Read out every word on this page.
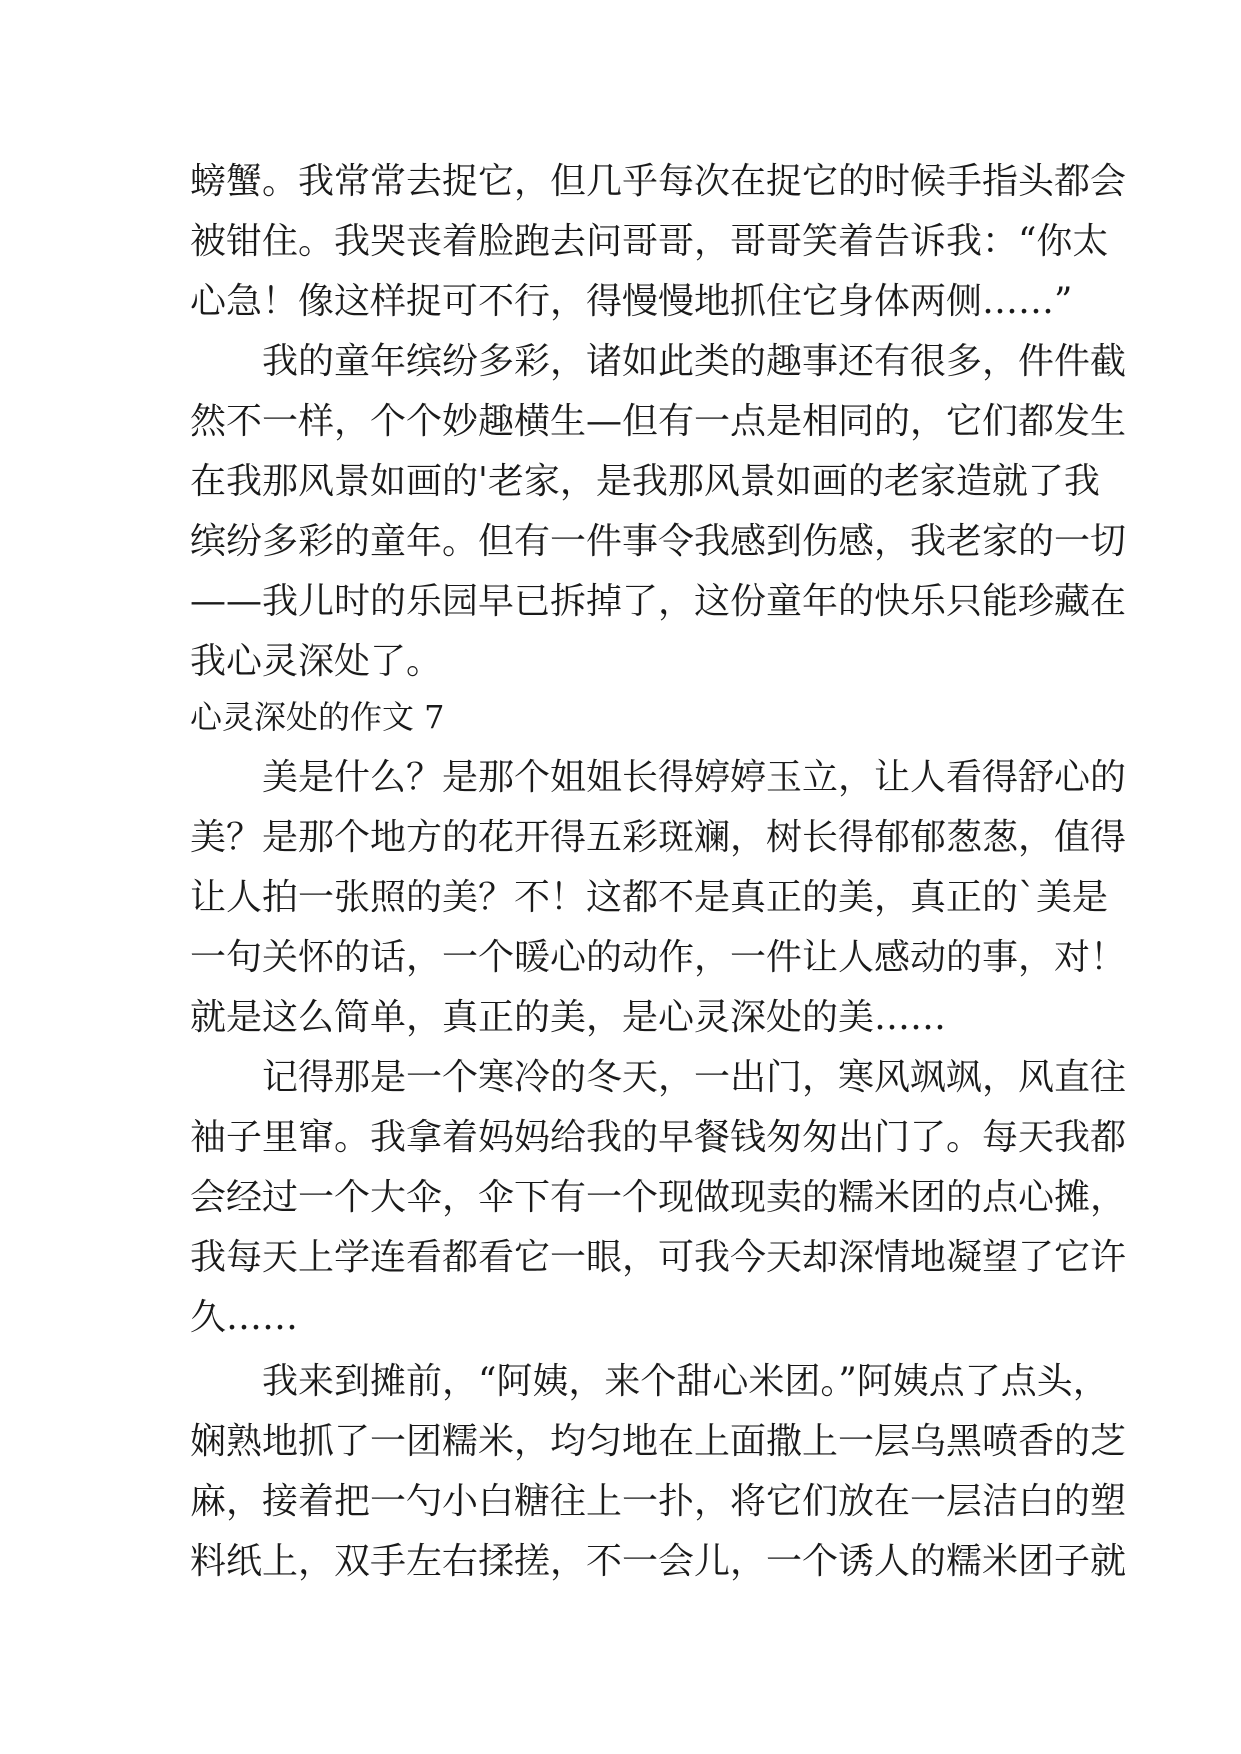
螃蟹。我常常去捉它，但几乎每次在捉它的时候手指头都会
被钳住。我哭丧着脸跑去问哥哥，哥哥笑着告诉我：“你太
心急！像这样捉可不行，得慢慢地抓住它身体两侧……”
我的童年缤纷多彩，诸如此类的趣事还有很多，件件截
然不一样，个个妙趣横生—但有一点是相同的，它们都发生
在我那风景如画的'老家，是我那风景如画的老家造就了我
缤纷多彩的童年。但有一件事令我感到伤感，我老家的一切
——我儿时的乐园早已拆掉了，这份童年的快乐只能珍藏在
我心灵深处了。
心灵深处的作文 7
美是什么？是那个姐姐长得婷婷玉立，让人看得舒心的
美？是那个地方的花开得五彩斑斓，树长得郁郁葱葱，值得
让人拍一张照的美？不！这都不是真正的美，真正的`美是
一句关怀的话，一个暖心的动作，一件让人感动的事，对！
就是这么简单，真正的美，是心灵深处的美……
记得那是一个寒冷的冬天，一出门，寒风飒飒，风直往
袖子里窜。我拿着妈妈给我的早餐钱匆匆出门了。每天我都
会经过一个大伞，伞下有一个现做现卖的糯米团的点心摊，
我每天上学连看都看它一眼，可我今天却深情地凝望了它许
久……
我来到摊前，“阿姨，来个甜心米团。”阿姨点了点头，
娴熟地抓了一团糯米，均匀地在上面撒上一层乌黑喷香的芝
麻，接着把一勺小白糖往上一扑，将它们放在一层洁白的塑
料纸上，双手左右揉搓，不一会儿，一个诱人的糯米团子就
